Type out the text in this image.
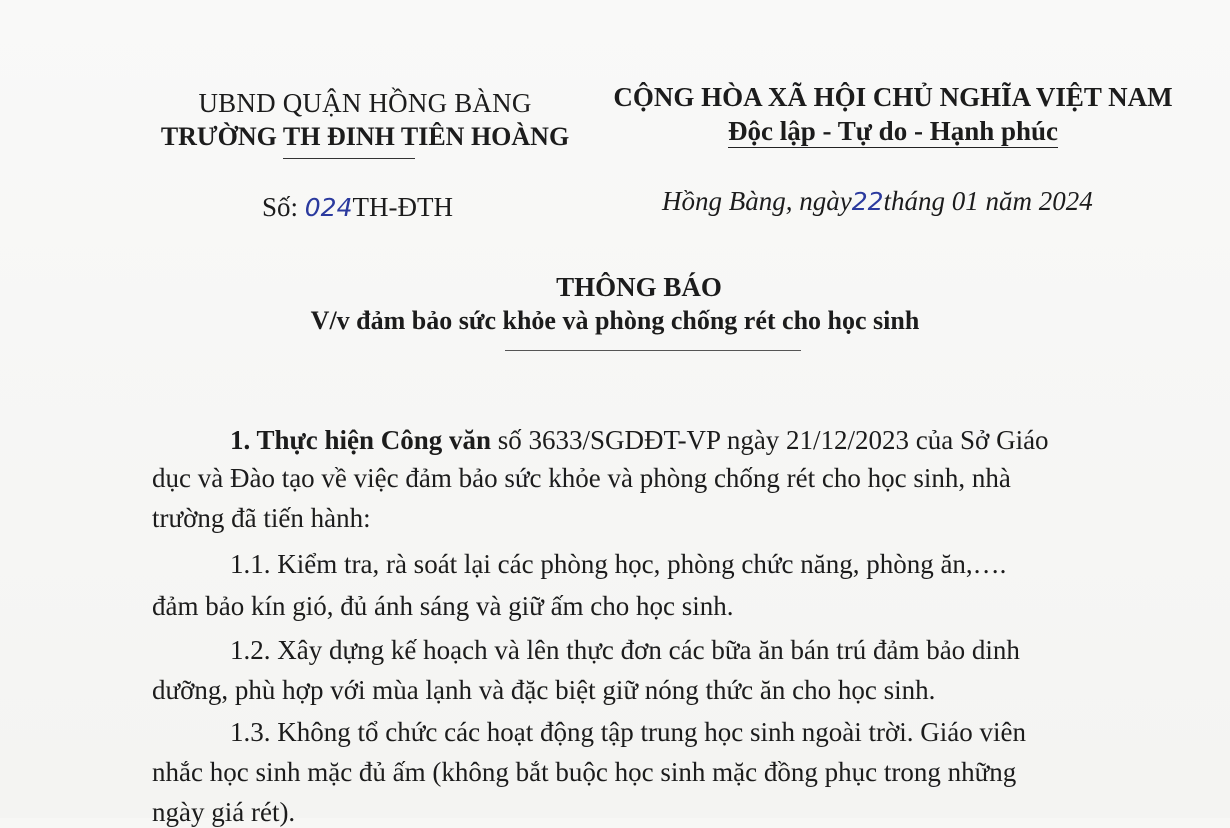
UBND QUẬN HỒNG BÀNG
TRƯỜNG TH ĐINH TIÊN HOÀNG
CỘNG HÒA XÃ HỘI CHỦ NGHĨA VIỆT NAM
Độc lập - Tự do - Hạnh phúc
Số: 024TH-ĐTH	Hồng Bàng, ngày22tháng 01 năm 2024
THÔNG BÁO
V/v đảm bảo sức khỏe và phòng chống rét cho học sinh
1. Thực hiện Công văn số 3633/SGDĐT-VP ngày 21/12/2023 của Sở Giáo
dục và Đào tạo về việc đảm bảo sức khỏe và phòng chống rét cho học sinh, nhà
trường đã tiến hành:
1.1. Kiểm tra, rà soát lại các phòng học, phòng chức năng, phòng ăn,….
đảm bảo kín gió, đủ ánh sáng và giữ ấm cho học sinh.
1.2. Xây dựng kế hoạch và lên thực đơn các bữa ăn bán trú đảm bảo dinh
dưỡng, phù hợp với mùa lạnh và đặc biệt giữ nóng thức ăn cho học sinh.
1.3. Không tổ chức các hoạt động tập trung học sinh ngoài trời. Giáo viên
nhắc học sinh mặc đủ ấm (không bắt buộc học sinh mặc đồng phục trong những
ngày giá rét).
